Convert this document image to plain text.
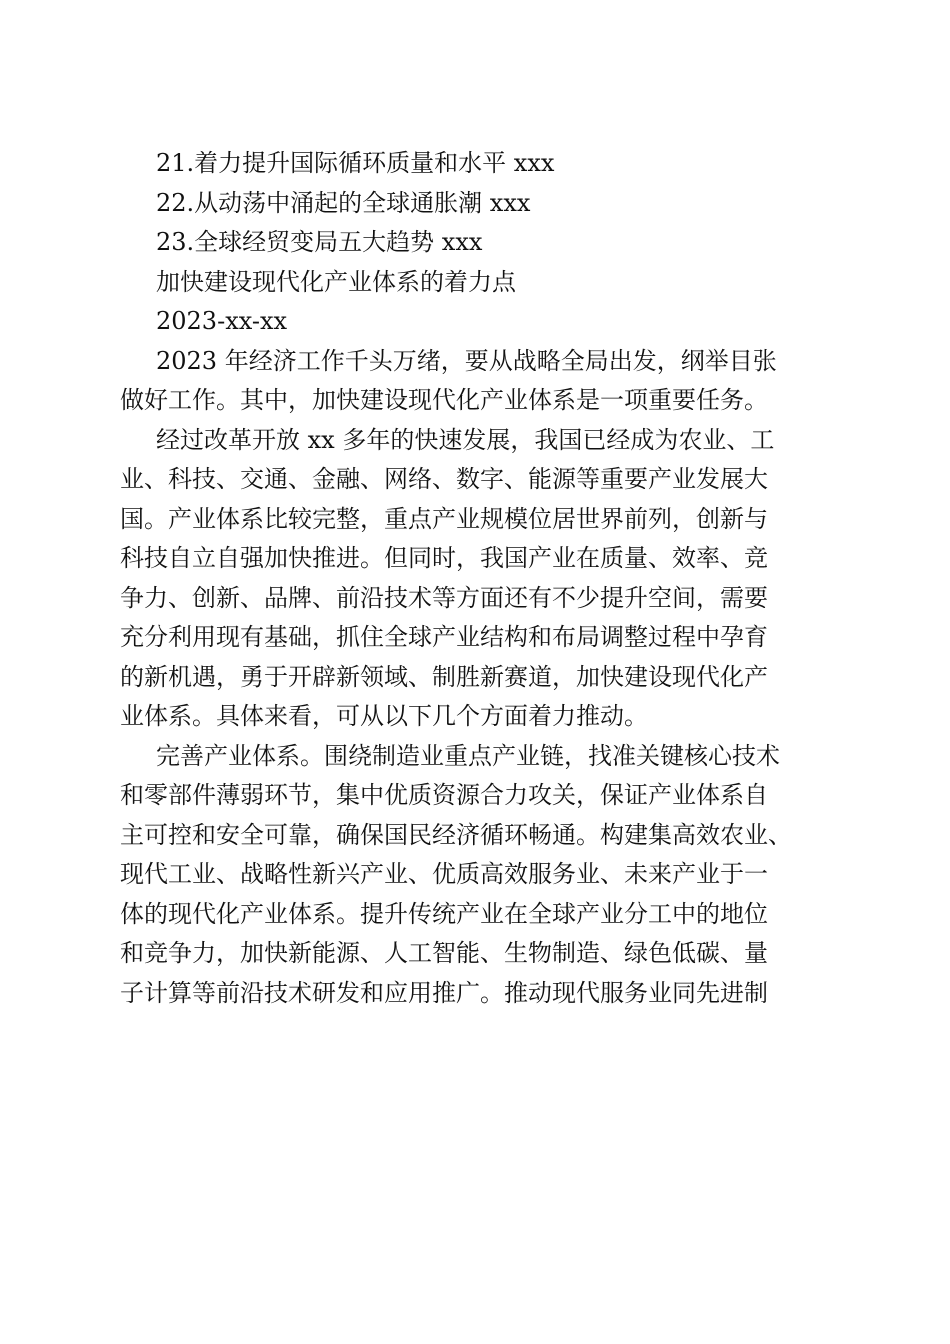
21.着力提升国际循环质量和水平 xxx

22.从动荡中涌起的全球通胀潮 xxx

23.全球经贸变局五大趋势 xxx

加快建设现代化产业体系的着力点

2023-xx-xx

2023 年经济工作千头万绪，要从战略全局出发，纲举目张
做好工作。其中，加快建设现代化产业体系是一项重要任务。
经过改革开放 xx 多年的快速发展，我国已经成为农业、工
业、科技、交通、金融、网络、数字、能源等重要产业发展大
国。产业体系比较完整，重点产业规模位居世界前列，创新与
科技自立自强加快推进。但同时，我国产业在质量、效率、竞
争力、创新、品牌、前沿技术等方面还有不少提升空间，需要
充分利用现有基础，抓住全球产业结构和布局调整过程中孕育
的新机遇，勇于开辟新领域、制胜新赛道，加快建设现代化产
业体系。具体来看，可从以下几个方面着力推动。
完善产业体系。围绕制造业重点产业链，找准关键核心技术
和零部件薄弱环节，集中优质资源合力攻关，保证产业体系自
主可控和安全可靠，确保国民经济循环畅通。构建集高效农业、
现代工业、战略性新兴产业、优质高效服务业、未来产业于一
体的现代化产业体系。提升传统产业在全球产业分工中的地位
和竞争力，加快新能源、人工智能、生物制造、绿色低碳、量
子计算等前沿技术研发和应用推广。推动现代服务业同先进制
